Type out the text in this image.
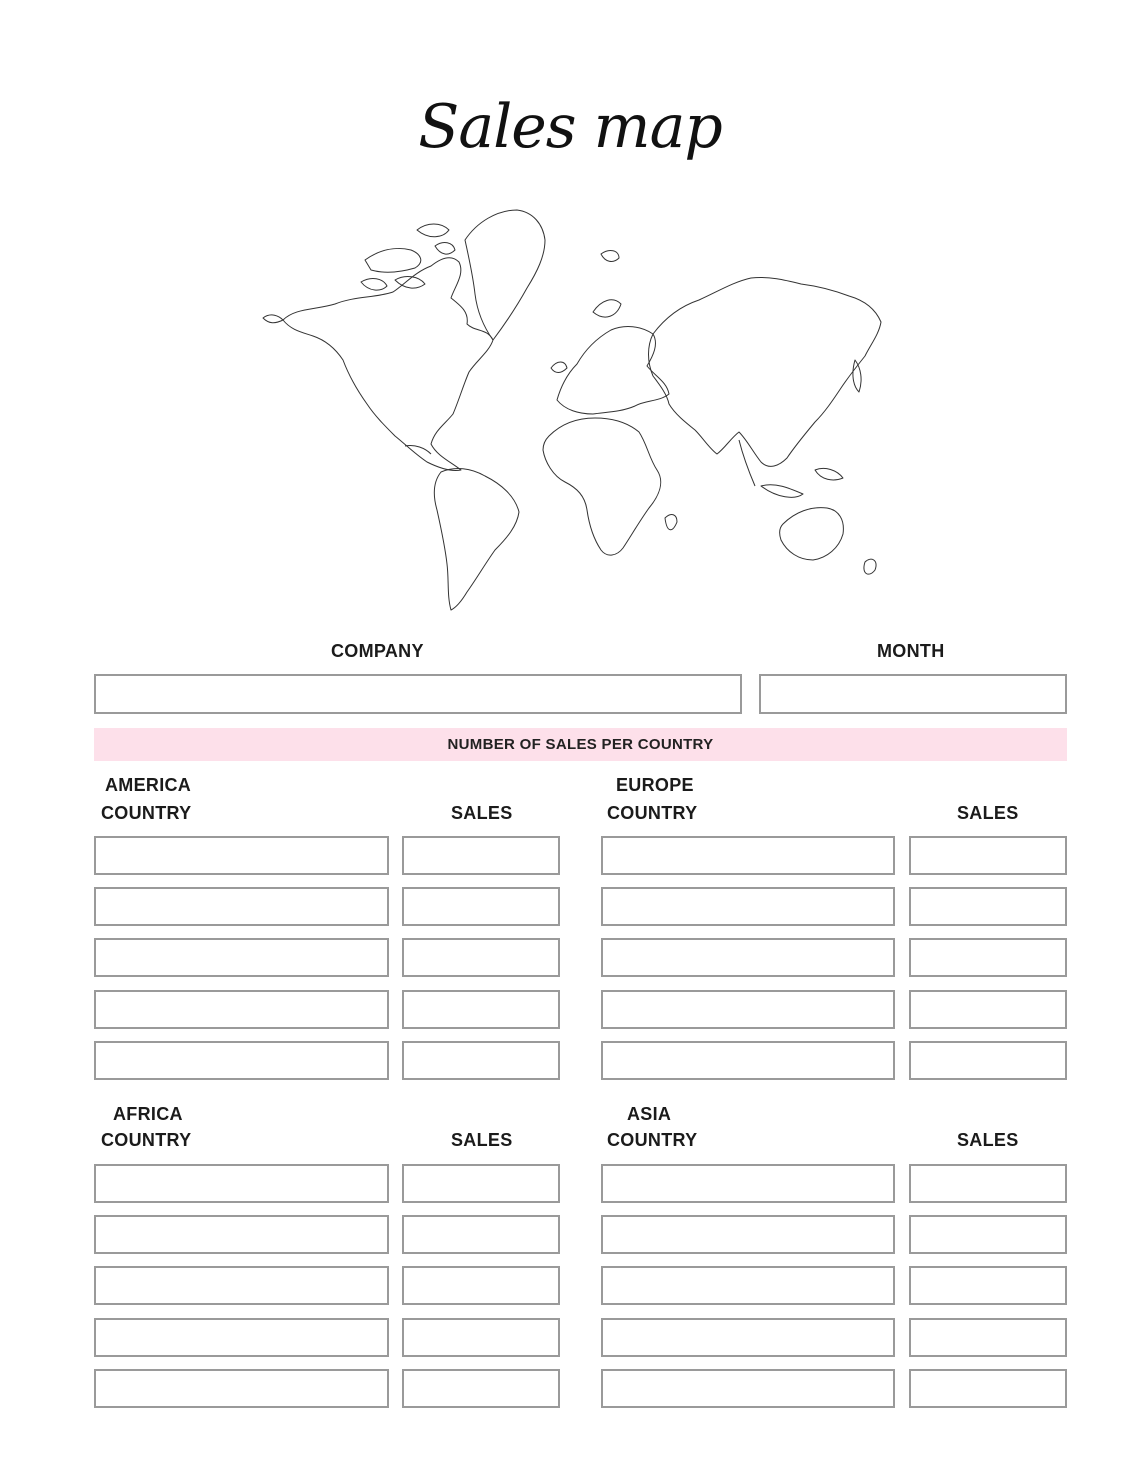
Sales map
COMPANY	MONTH
NUMBER OF SALES PER COUNTRY
AMERICA
COUNTRY	SALES
EUROPE
COUNTRY	SALES
AFRICA
COUNTRY	SALES
ASIA
COUNTRY	SALES
